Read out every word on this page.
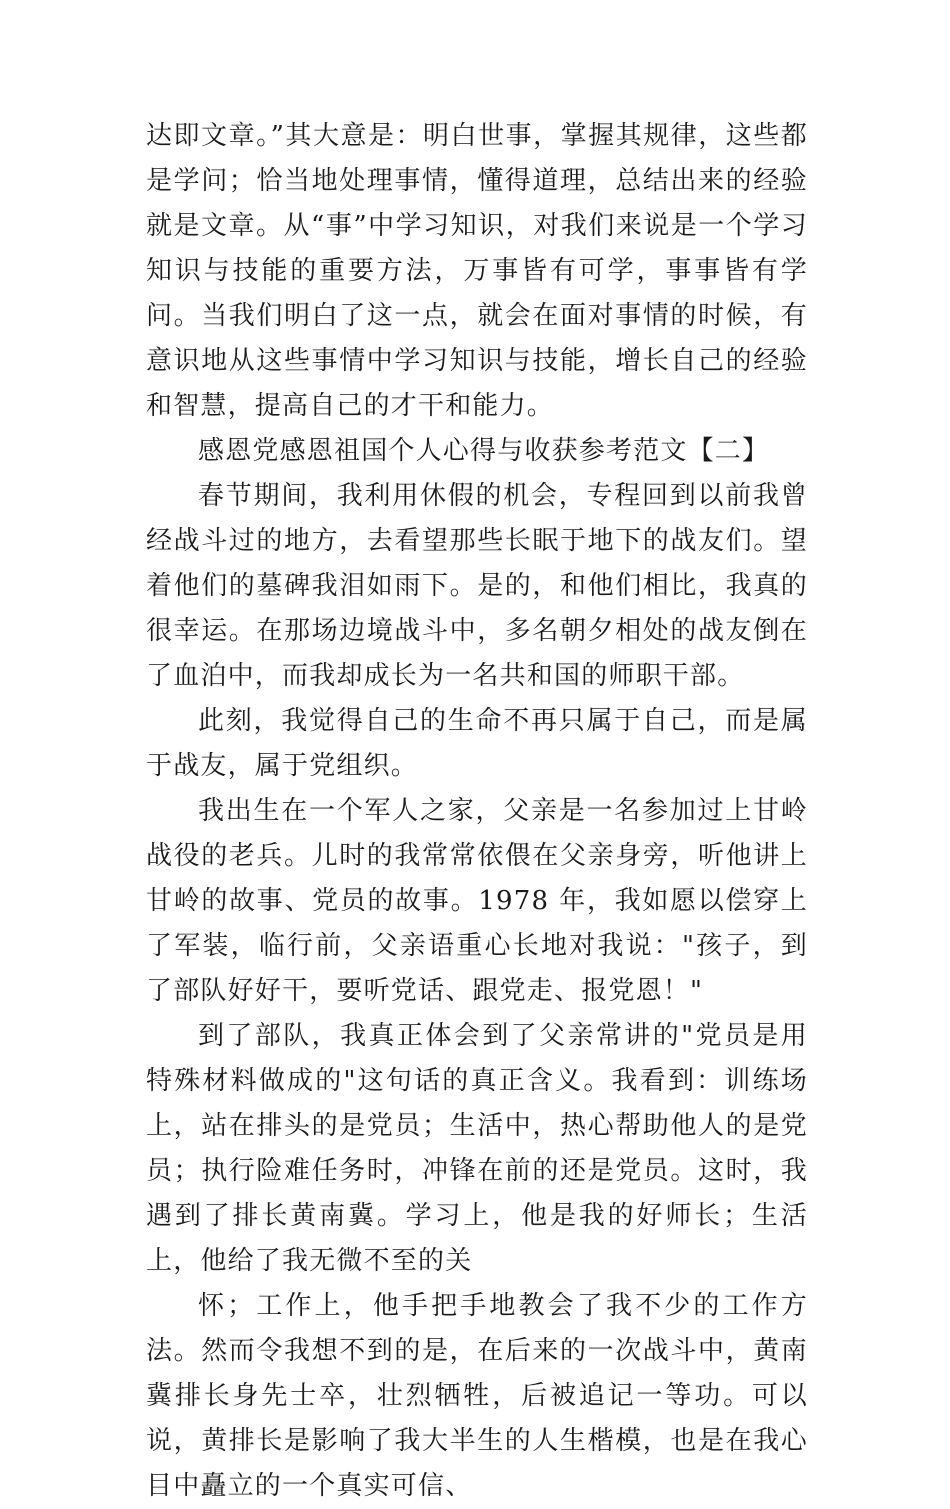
达即文章。”其大意是：明白世事，掌握其规律，这些都是学问；恰当地处理事情，懂得道理，总结出来的经验就是文章。从“事”中学习知识，对我们来说是一个学习知识与技能的重要方法，万事皆有可学，事事皆有学问。当我们明白了这一点，就会在面对事情的时候，有意识地从这些事情中学习知识与技能，增长自己的经验和智慧，提高自己的才干和能力。

感恩党感恩祖国个人心得与收获参考范文【二】

春节期间，我利用休假的机会，专程回到以前我曾经战斗过的地方，去看望那些长眠于地下的战友们。望着他们的墓碑我泪如雨下。是的，和他们相比，我真的很幸运。在那场边境战斗中，多名朝夕相处的战友倒在了血泊中，而我却成长为一名共和国的师职干部。

此刻，我觉得自己的生命不再只属于自己，而是属于战友，属于党组织。

我出生在一个军人之家，父亲是一名参加过上甘岭战役的老兵。儿时的我常常依偎在父亲身旁，听他讲上甘岭的故事、党员的故事。1978 年，我如愿以偿穿上了军装，临行前，父亲语重心长地对我说："孩子，到了部队好好干，要听党话、跟党走、报党恩！"

到了部队，我真正体会到了父亲常讲的"党员是用特殊材料做成的"这句话的真正含义。我看到：训练场上，站在排头的是党员；生活中，热心帮助他人的是党员；执行险难任务时，冲锋在前的还是党员。这时，我遇到了排长黄南冀。学习上，他是我的好师长；生活上，他给了我无微不至的关

怀；工作上，他手把手地教会了我不少的工作方法。然而令我想不到的是，在后来的一次战斗中，黄南冀排长身先士卒，壮烈牺牲，后被追记一等功。可以说，黄排长是影响了我大半生的人生楷模，也是在我心目中矗立的一个真实可信、
